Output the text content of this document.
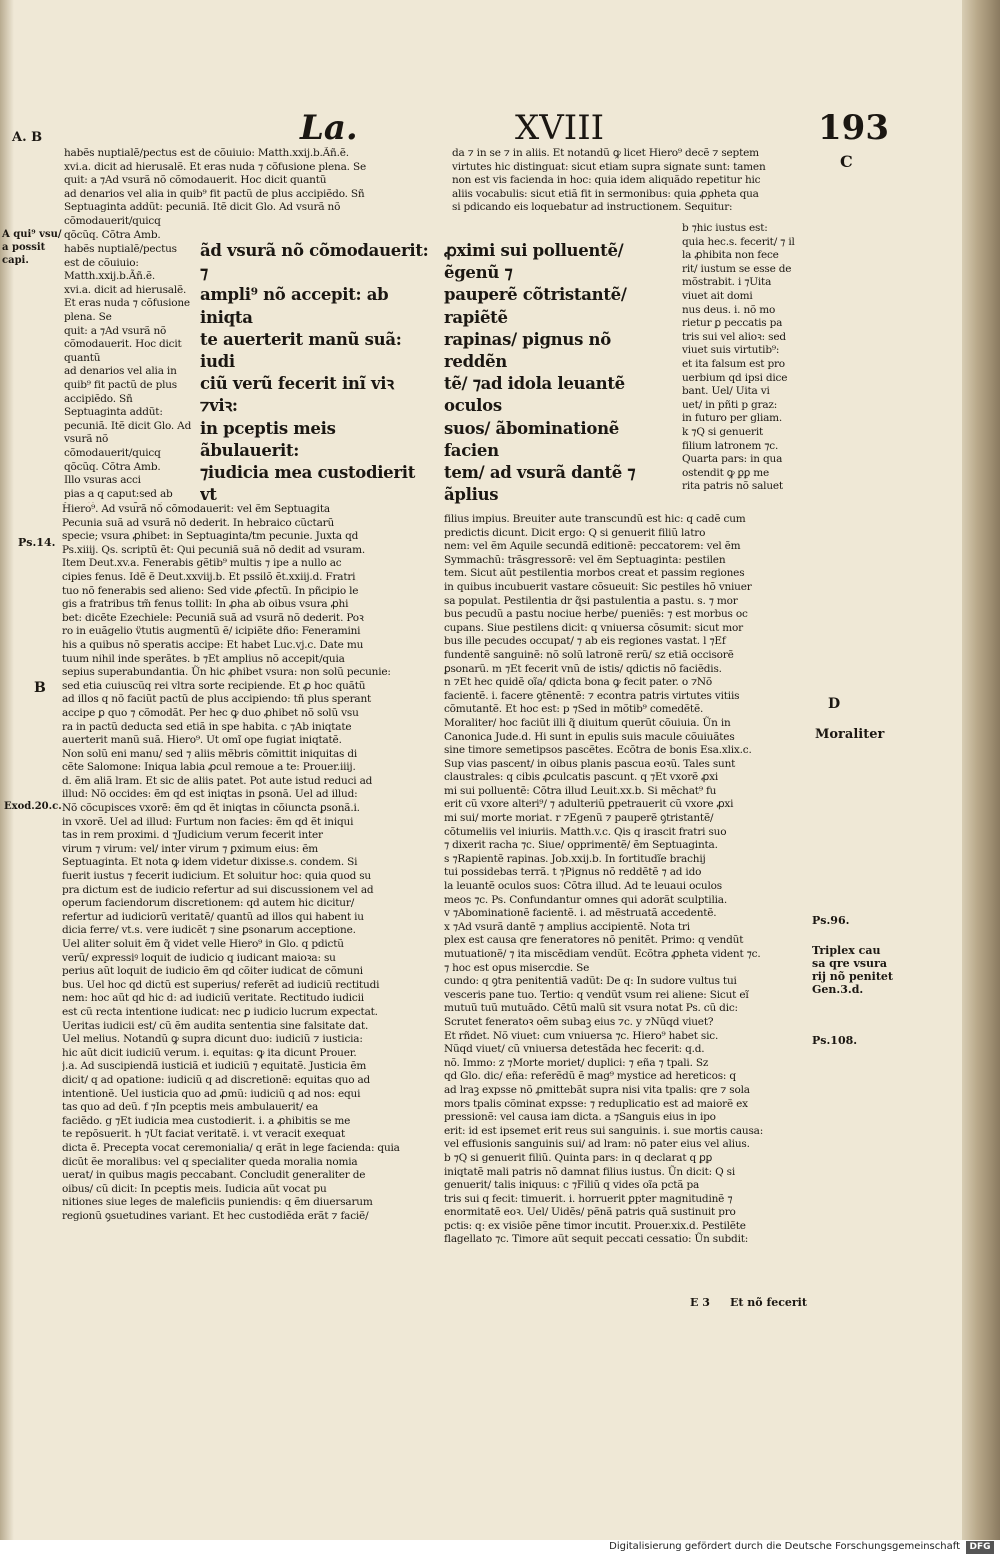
La.	XVIII	193
C
A. B
A qui⁹ vsu/
a possit capi.
Ps.14.
B
Exod.20.c.
D
Moraliter
Ps.96.
Triplex cau
sa qre vsura
rij nõ penitet
Gen.3.d.
Ps.108.
habẽs nuptialẽ/pectus est de cõuiuio: Matth.xxij.b.Ãñ.ẽ.
xvi.a. dicit ad hierusalẽ. Et eras nuda ⁊ cõfusione plena. Se
quit: a ⁊Ad vsurã nõ cõmodauerit. Hoc dicit quantũ
ad denarios vel alia in quib⁹ fit pactũ de plus accipiẽdo. Sñ
Septuaginta addũt: pecuniã. Itẽ dicit Glo. Ad vsurã nõ
cõmodauerit/quicq
qõcũq. Cõtra Amb.

da ⁊ in se ⁊ in aliis. Et notandũ ꝙ licet Hiero⁹ decẽ ⁊ septem
virtutes hic distinguat: sicut etiam supra signate sunt: tamen
non est vis facienda in hoc: quia idem aliquãdo repetitur hic
aliis vocabulis: sicut etiã fit in sermonibus: quia ꝓpheta qua
si pdicando eis loquebatur ad instructionem. Sequitur:
habẽs nuptialẽ/pectus est de cõuiuio: Matth.xxij.b.Ãñ.ẽ.
xvi.a. dicit ad hierusalẽ. Et eras nuda ⁊ cõfusione plena. Se
quit: a ⁊Ad vsurã nõ cõmodauerit. Hoc dicit quantũ
ad denarios vel alia in quib⁹ fit pactũ de plus accipiẽdo. Sñ
Septuaginta addũt: pecuniã. Itẽ dicit Glo. Ad vsurã nõ
cõmodauerit/quicq
qõcũq. Cõtra Amb.
Illo vsuras acci
pias a q caput:sed ab

ãd vsurã nõ cõmodauerit: ⁊
ampli⁹ nõ accepit: ab iniqta
te auerterit manũ suã: iudi
ciũ verũ fecerit inĩ viꝛ ⁊viꝛ:
in pceptis meis ãbulauerit:
⁊iudicia mea custodierit vt

ꝓximi sui polluentẽ/ ẽgenũ ⁊
pauperẽ cõtristantẽ/ rapiẽtẽ
rapinas/ pignus nõ reddẽn
tẽ/ ⁊ad idola leuantẽ oculos
suos/ ãbominationẽ facien
tem/ ad vsurã dantẽ ⁊ ãplius

b ⁊hic iustus est:
quia hec.s. fecerit/ ⁊ il
la ꝓhibita non fece
rit/ iustum se esse de
mõstrabit. i ⁊Uita
viuet ait domi
nus deus. i. nõ mo
rietur ꝑ peccatis pa
tris sui vel alioꝛ: sed
viuet suis virtutib⁹:
et ita falsum est pro
uerbium qd ipsi dice
bant. Uel/ Uita vi
uet/ in pñti p graz:
in futuro per gliam.
k ⁊Q si genuerit
filium latronem ⁊c.
Quarta pars: in qua
ostendit ꝙ ꝑꝑ me
rita patris nõ saluet
Hiero⁹. Ad vsurã nõ cõmodauerit: vel ẽm Septuagita
Pecunia suã ad vsurã nõ dederit. In hebraico cũctarũ
specie; vsura ꝓhibet: in Septuaginta/tm pecunie. Juxta qd
Ps.xiiij. Qs. scriptũ ẽt: Qui pecuniã suã nõ dedit ad vsuram.
Item Deut.xv.a. Fenerabis gẽtib⁹ multis ⁊ ipe a nullo ac
cipies fenus. Idẽ ẽ Deut.xxviij.b. Et pssilõ ẽt.xxiij.d. Fratri
tuo nõ fenerabis sed alieno: Sed vide ꝓfectũ. In pñcipio le
gis a fratribus tm̃ fenus tollit: In ꝓha ab oibus vsura ꝓhi
bet: dicẽte Ezechiele: Pecuniã suã ad vsurã nõ dederit. Poꝛ
ro in euãgelio v̈tutis augmentũ ẽ/ icipiẽte dño: Feneramini
his a quibus nõ speratis accipe: Et habet Luc.vj.c. Date mu
tuum nihil inde sperãtes. b ⁊Et amplius nõ accepit/quia
sepius superabundantia. Ũn hic ꝓhibet vsura: non solũ pecunie:
sed etia cuiuscũq rei vltra sorte recipiende. Et ꝓ hoc quãtũ
ad illos q nõ faciũt pactũ de plus accipiendo: tñ plus sperant
accipe ꝑ quo ⁊ cõmodãt. Per hec ꝙ duo ꝓhibet nõ solũ vsu
ra in pactũ deducta sed etiã in spe habita. c ⁊Ab iniqtate
auerterit manũ suã. Hiero⁹. Ut omĩ ope fugiat iniqtatẽ.
Non solũ eni manu/ sed ⁊ aliis mẽbris cõmittit iniquitas di
cẽte Salomone: Iniqua labia ꝓcul remoue a te: Prouer.iiij.
d. ẽm aliã lram. Et sic de aliis patet. Pot aute istud reduci ad
illud: Nõ occides: ẽm qd est iniqtas in ꝑsonã. Uel ad illud:
Nõ cõcupisces vxorẽ: ẽm qd ẽt iniqtas in cõiuncta ꝑsonã.i.
in vxorẽ. Uel ad illud: Furtum non facies: ẽm qd ẽt iniqui
tas in rem proximi. d ⁊Judicium verum fecerit inter
virum ⁊ virum: vel/ inter virum ⁊ ꝑximum eius: ẽm
Septuaginta. Et nota ꝙ idem videtur dixisse.s. condem. Si
fuerit iustus ⁊ fecerit iudicium. Et soluitur hoc: quia quod su
pra dictum est de iudicio refertur ad sui discussionem vel ad
operum faciendorum discretionem: qd autem hic dicitur/
refertur ad iudiciorũ veritatẽ/ quantũ ad illos qui habent iu
dicia ferre/ vt.s. vere iudicẽt ⁊ sine ꝑsonarum acceptione.
Uel aliter soluit ẽm q̃ videt velle Hiero⁹ in Glo. q pdictũ
verũ/ expressiꝰ loquit de iudicio q iudicant maioꝛa: su
perius aũt loquit de iudicio ẽm qd cõiter iudicat de cõmuni
bus. Uel hoc qd dictũ est superius/ referẽt ad iudiciũ rectitudi
nem: hoc aũt qd hic d: ad iudiciũ veritate. Rectitudo iudicii
est cũ recta intentione iudicat: nec ꝑ iudicio lucrum expectat.
Ueritas iudicii est/ cũ ẽm audita sententia sine falsitate dat.
Uel melius. Notandũ ꝙ supra dicunt duo: iudiciũ ⁊ iusticia:
hic aũt dicit iudiciũ verum. i. equitas: ꝙ ita dicunt Prouer.
j.a. Ad suscipiendã iusticiã et iudiciũ ⁊ equitatẽ. Justicia ẽm
dicit/ q ad opatione: iudiciũ q ad discretionẽ: equitas quo ad
intentionẽ. Uel iusticia quo ad ꝓmũ: iudiciũ q ad nos: equi
tas quo ad deũ. f ⁊In pceptis meis ambulauerit/ ea
faciẽdo. g ⁊Et iudicia mea custodierit. i. a ꝓhibitis se me
te repõsuerit. h ⁊Ut faciat veritatẽ. i. vt veracit exequat
dicta ẽ. Precepta vocat ceremonialia/ q erãt in lege facienda: quia
dicũt ẽe moralibus: vel q specialiter queda moralia nomia
uerat/ in quibus magis peccabant. Concludit generaliter de
oibus/ cũ dicit: In pceptis meis. Iudicia aũt vocat pu
nitiones siue leges de maleficiis puniendis: q ẽm diuersarum
regionũ ꝯsuetudines variant. Et hec custodiẽda erãt ⁊ faciẽ/
filius impius. Breuiter aute transcundũ est hic: q cadẽ cum
predictis dicunt. Dicit ergo: Q si genuerit filiũ latro
nem: vel ẽm Aquile secundã editionẽ: peccatorem: vel ẽm
Symmachũ: trãsgressorẽ: vel ẽm Septuaginta: pestilen
tem. Sicut aũt pestilentia morbos creat et passim regiones
in quibus incubuerit vastare cõsueuit: Sic pestiles hõ vniuer
sa populat. Pestilentia dr q̃si pastulentia a pastu. s. ⁊ mor
bus pecudũ a pastu nociue herbe/ pueniẽs: ⁊ est morbus oc
cupans. Siue pestilens dicit: q vniuersa cõsumit: sicut mor
bus ille pecudes occupat/ ⁊ ab eis regiones vastat. l ⁊Ef
fundentẽ sanguinẽ: nõ solũ latronẽ rerũ/ sz etiã occisorẽ
ꝑsonarũ. m ⁊Et fecerit vnũ de istis/ qdictis nõ faciẽdis.
n ⁊Et hec quidẽ oĩa/ qdicta bona ꝙ fecit pater. o ⁊Nõ
facientẽ. i. facere ꝯtẽnentẽ: ⁊ econtra patris virtutes vitiis
cõmutantẽ. Et hoc est: p ⁊Sed in mõtib⁹ comedẽtẽ.
Moraliter/ hoc faciũt illi q̃ diuitum querũt cõuiuia. Ũn in
Canonica Jude.d. Hi sunt in epulis suis macule cõuiuãtes
sine timore semetipsos pascẽtes. Ecõtra de bonis Esa.xlix.c.
Sup vias pascent/ in oibus planis pascua eoꝛũ. Tales sunt
claustrales: q cibis ꝓculcatis pascunt. q ⁊Et vxorẽ ꝓxi
mi sui polluentẽ: Cõtra illud Leuit.xx.b. Si mẽchat⁹ fu
erit cũ vxore alteri⁹/ ⁊ adulteriũ ꝑpetrauerit cũ vxore ꝓxi
mi sui/ morte moriat. r ⁊Egenũ ⁊ pauperẽ ꝯtristantẽ/
cõtumeliis vel iniuriis. Matth.v.c. Qis q irascit fratri suo
⁊ dixerit racha ⁊c. Siue/ opprimentẽ/ ẽm Septuaginta.
s ⁊Rapientẽ rapinas. Job.xxij.b. In fortitudĩe brachij
tui possidebas terrã. t ⁊Pignus nõ reddẽtẽ ⁊ ad ido
la leuantẽ oculos suos: Cõtra illud. Ad te leuaui oculos
meos ⁊c. Ps. Confundantur omnes qui adorãt sculptilia.
v ⁊Abominationẽ facientẽ. i. ad mẽstruatã accedentẽ.
x ⁊Ad vsurã dantẽ ⁊ amplius accipientẽ. Nota tri
plex est causa qre feneratores nõ penitẽt. Primo: q vendũt
mutuationẽ/ ⁊ ita miscẽdiam vendũt. Ecõtra ꝓpheta vident ⁊c.
⁊ hoc est opus misercdie. Se
cundo: q ꝯtra penitentiã vadũt: De q: In sudore vultus tui
vesceris pane tuo. Tertio: q vendũt vsum rei aliene: Sicut eĩ
mutuũ tuũ mutuãdo. Cẽtũ malũ sit vsura notat Ps. cũ dic:
Scrutet feneratoꝛ oẽm subaꝫ eius ⁊c. y ⁊Nũqd viuet?
Et rñdet. Nõ viuet: cum vniuersa ⁊c. Hiero⁹ habet sic.
Nũqd viuet/ cũ vniuersa detestãda hec fecerit: q.d.
nõ. Immo: z ⁊Morte moriet/ duplici: ⁊ eña ⁊ tpali. Sz
qd Glo. dic/ eña: referẽdũ ẽ mag⁹ mystice ad hereticos: q
ad lraꝫ expsse nõ ꝓmittebãt supra nisi vita tpalis: qre ⁊ sola
mors tpalis cõminat expsse: ⁊ reduplicatio est ad maiorẽ ex
pressionẽ: vel causa iam dicta. a ⁊Sanguis eius in ipo
erit: id est ipsemet erit reus sui sanguinis. i. sue mortis causa:
vel effusionis sanguinis sui/ ad lram: nõ pater eius vel alius.
b ⁊Q si genuerit filiũ. Quinta pars: in q declarat q ꝑꝑ
iniqtatẽ mali patris nõ damnat filius iustus. Ũn dicit: Q si
genuerit/ talis iniquus: c ⁊Filiũ q vides oĩa pctã pa
tris sui q fecit: timuerit. i. horruerit ꝑpter magnitudinẽ ⁊
enormitatẽ eoꝛ. Uel/ Uidẽs/ pẽnã patris quã sustinuit pro
pctis: q: ex visiõe pẽne timor incutit. Prouer.xix.d. Pestilẽte
flagellato ⁊c. Timore aũt sequit peccati cessatio: Ũn subdit:
E 3 Et nõ fecerit
Digitalisierung gefördert durch die Deutsche Forschungsgemeinschaft	DFG
